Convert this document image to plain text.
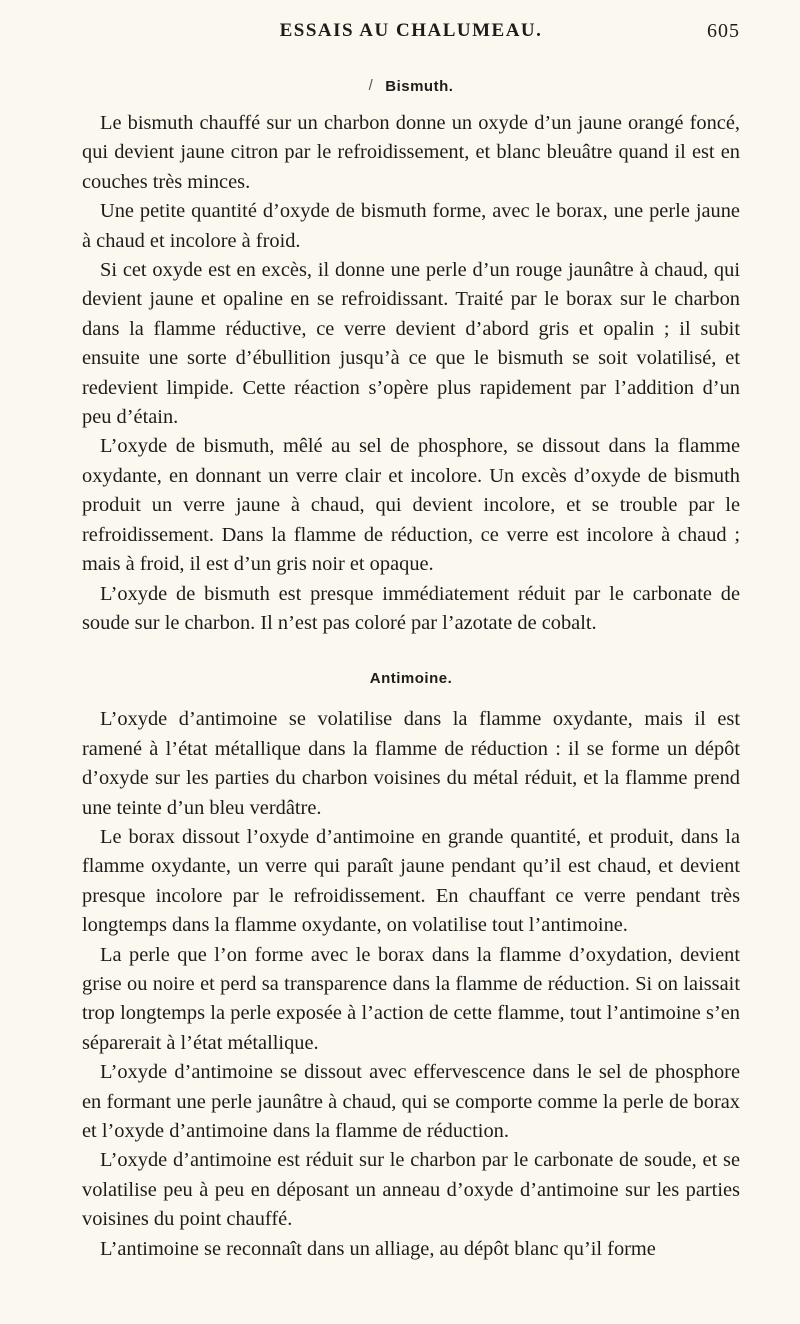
ESSAIS AU CHALUMEAU.	605
/ Bismuth.

Le bismuth chauffé sur un charbon donne un oxyde d’un jaune orangé foncé, qui devient jaune citron par le refroidissement, et blanc bleuâtre quand il est en couches très minces.

Une petite quantité d’oxyde de bismuth forme, avec le borax, une perle jaune à chaud et incolore à froid.

Si cet oxyde est en excès, il donne une perle d’un rouge jaunâtre à chaud, qui devient jaune et opaline en se refroidissant. Traité par le borax sur le charbon dans la flamme réductive, ce verre devient d’abord gris et opalin ; il subit ensuite une sorte d’ébullition jusqu’à ce que le bismuth se soit volatilisé, et redevient limpide. Cette réaction s’opère plus rapidement par l’addition d’un peu d’étain.

L’oxyde de bismuth, mêlé au sel de phosphore, se dissout dans la flamme oxydante, en donnant un verre clair et incolore. Un excès d’oxyde de bismuth produit un verre jaune à chaud, qui devient incolore, et se trouble par le refroidissement. Dans la flamme de réduction, ce verre est incolore à chaud ; mais à froid, il est d’un gris noir et opaque.

L’oxyde de bismuth est presque immédiatement réduit par le carbonate de soude sur le charbon. Il n’est pas coloré par l’azotate de cobalt.

Antimoine.

L’oxyde d’antimoine se volatilise dans la flamme oxydante, mais il est ramené à l’état métallique dans la flamme de réduction : il se forme un dépôt d’oxyde sur les parties du charbon voisines du métal réduit, et la flamme prend une teinte d’un bleu verdâtre.

Le borax dissout l’oxyde d’antimoine en grande quantité, et produit, dans la flamme oxydante, un verre qui paraît jaune pendant qu’il est chaud, et devient presque incolore par le refroidissement. En chauffant ce verre pendant très longtemps dans la flamme oxydante, on volatilise tout l’antimoine.

La perle que l’on forme avec le borax dans la flamme d’oxydation, devient grise ou noire et perd sa transparence dans la flamme de réduction. Si on laissait trop longtemps la perle exposée à l’action de cette flamme, tout l’antimoine s’en séparerait à l’état métallique.

L’oxyde d’antimoine se dissout avec effervescence dans le sel de phosphore en formant une perle jaunâtre à chaud, qui se comporte comme la perle de borax et l’oxyde d’antimoine dans la flamme de réduction.

L’oxyde d’antimoine est réduit sur le charbon par le carbonate de soude, et se volatilise peu à peu en déposant un anneau d’oxyde d’antimoine sur les parties voisines du point chauffé.

L’antimoine se reconnaît dans un alliage, au dépôt blanc qu’il forme
